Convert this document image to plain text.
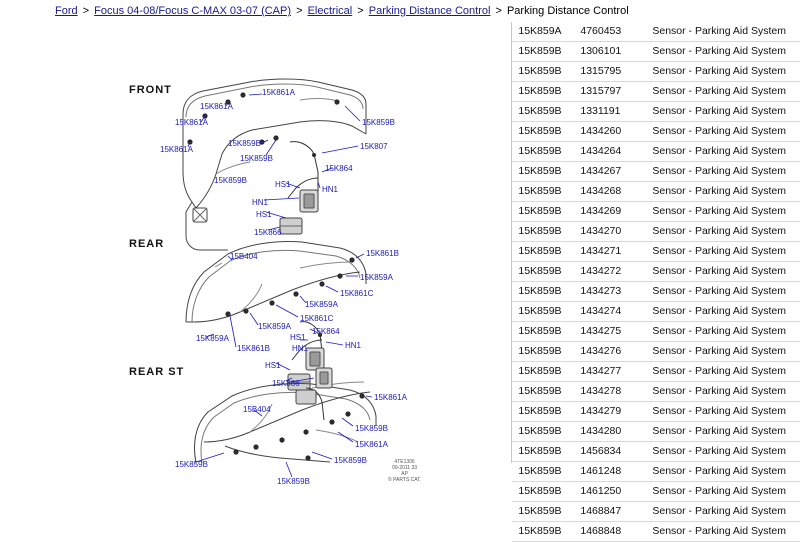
Ford > Focus 04-08/Focus C-MAX 03-07 (CAP) > Electrical > Parking Distance Control > Parking Distance Control
FRONT
REAR
REAR ST
15K861A
15K861A
15K861A	15K859B
15K861A
15K859B	15K807
15K859B
15K864
15K859B	HS1
HN1
HN1
HS1
15K866
15B404	15K861B
15K859A
15K861C
15K859A
15K861C
15K859A
15K864
15K859A
15K861B
HS1
HN1	HN1
HS1
15K866
15K861A
15B404
15K859B
15K861A
15K859B
15K859B
15K859B
4TE1306
09-2011 33
AP
© PARTS CAT.
15K859A	4760453	Sensor - Parking Aid System
15K859B	1306101	Sensor - Parking Aid System
15K859B	1315795	Sensor - Parking Aid System
15K859B	1315797	Sensor - Parking Aid System
15K859B	1331191	Sensor - Parking Aid System
15K859B	1434260	Sensor - Parking Aid System
15K859B	1434264	Sensor - Parking Aid System
15K859B	1434267	Sensor - Parking Aid System
15K859B	1434268	Sensor - Parking Aid System
15K859B	1434269	Sensor - Parking Aid System
15K859B	1434270	Sensor - Parking Aid System
15K859B	1434271	Sensor - Parking Aid System
15K859B	1434272	Sensor - Parking Aid System
15K859B	1434273	Sensor - Parking Aid System
15K859B	1434274	Sensor - Parking Aid System
15K859B	1434275	Sensor - Parking Aid System
15K859B	1434276	Sensor - Parking Aid System
15K859B	1434277	Sensor - Parking Aid System
15K859B	1434278	Sensor - Parking Aid System
15K859B	1434279	Sensor - Parking Aid System
15K859B	1434280	Sensor - Parking Aid System
15K859B	1456834	Sensor - Parking Aid System
15K859B	1461248	Sensor - Parking Aid System
15K859B	1461250	Sensor - Parking Aid System
15K859B	1468847	Sensor - Parking Aid System
15K859B	1468848	Sensor - Parking Aid System
